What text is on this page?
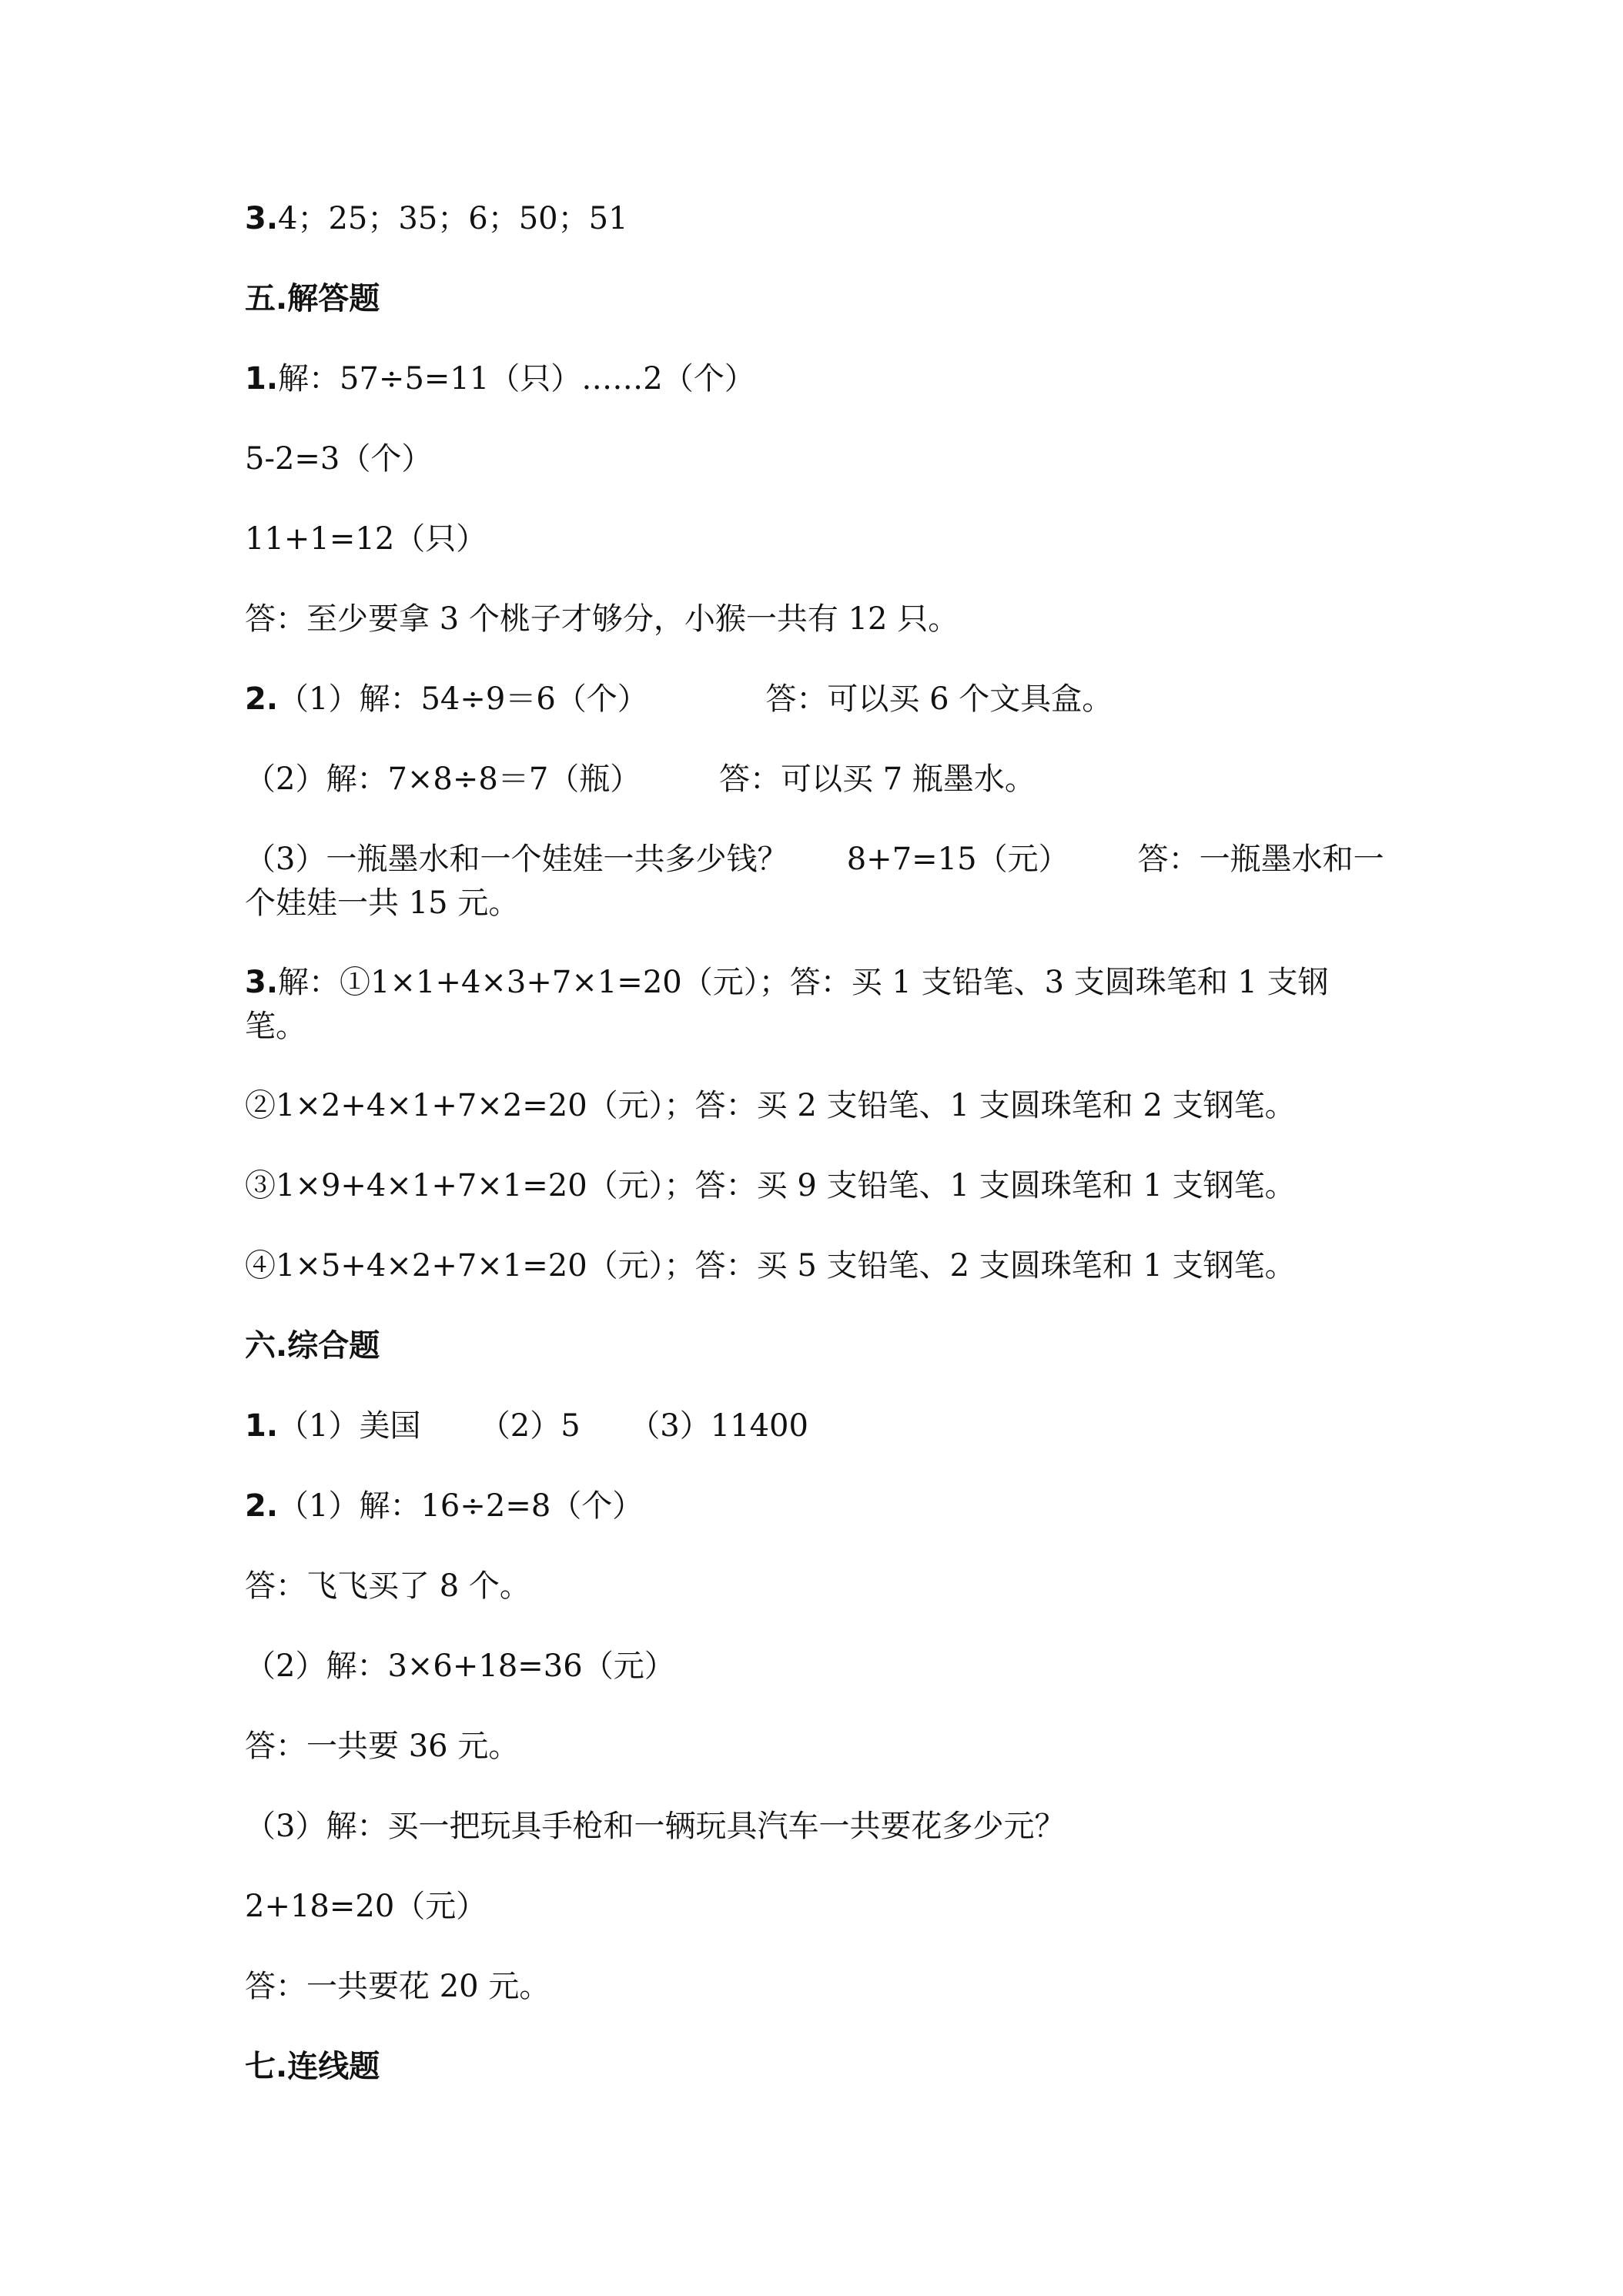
3.4；25；35；6；50；51

五.解答题

1.解：57÷5=11（只）……2（个）

5-2=3（个）

11+1=12（只）

答：至少要拿 3 个桃子才够分，小猴一共有 12 只。

2.（1）解：54÷9＝6（个）            答：可以买 6 个文具盒。

（2）解：7×8÷8＝7（瓶）        答：可以买 7 瓶墨水。

（3）一瓶墨水和一个娃娃一共多少钱？      8+7=15（元）       答：一瓶墨水和一

个娃娃一共 15 元。

3.解：①1×1+4×3+7×1=20（元）；答：买 1 支铅笔、3 支圆珠笔和 1 支钢

笔。

②1×2+4×1+7×2=20（元）；答：买 2 支铅笔、1 支圆珠笔和 2 支钢笔。

③1×9+4×1+7×1=20（元）；答：买 9 支铅笔、1 支圆珠笔和 1 支钢笔。

④1×5+4×2+7×1=20（元）；答：买 5 支铅笔、2 支圆珠笔和 1 支钢笔。

六.综合题

1.（1）美国      （2）5     （3）11400

2.（1）解：16÷2=8（个）

答：飞飞买了 8 个。

（2）解：3×6+18=36（元）

答：一共要 36 元。

（3）解：买一把玩具手枪和一辆玩具汽车一共要花多少元？

2+18=20（元）

答：一共要花 20 元。

七.连线题
